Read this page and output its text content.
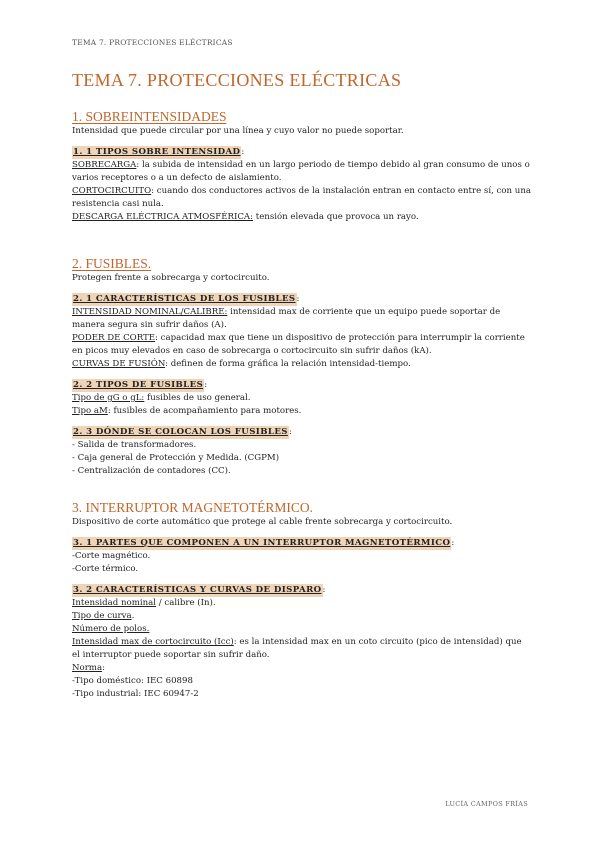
TEMA 7. PROTECCIONES ELÉCTRICAS
TEMA 7. PROTECCIONES ELÉCTRICAS
1. SOBREINTENSIDADES

Intensidad que puede circular por una línea y cuyo valor no puede soportar.

1. 1 TIPOS SOBRE INTENSIDAD:

SOBRECARGA: la subida de intensidad en un largo periodo de tiempo debido al gran consumo de unos o varios receptores o a un defecto de aislamiento.

CORTOCIRCUITO: cuando dos conductores activos de la instalación entran en contacto entre sí, con una resistencia casi nula.

DESCARGA ELÉCTRICA ATMOSFÉRICA: tensión elevada que provoca un rayo.

2. FUSIBLES.

Protegen frente a sobrecarga y cortocircuito.

2. 1 CARACTERÍSTICAS DE LOS FUSIBLES:

INTENSIDAD NOMINAL/CALIBRE: intensidad max de corriente que un equipo puede soportar de manera segura sin sufrir daños (A).

PODER DE CORTE: capacidad max que tiene un dispositivo de protección para interrumpir la corriente en picos muy elevados en caso de sobrecarga o cortocircuito sin sufrir daños (kA).

CURVAS DE FUSIÓN: definen de forma gráfica la relación intensidad-tiempo.

2. 2 TIPOS DE FUSIBLES:

Tipo de gG o gL: fusibles de uso general.

Tipo aM: fusibles de acompañamiento para motores.

2. 3 DÓNDE SE COLOCAN LOS FUSIBLES:

- Salida de transformadores.
- Caja general de Protección y Medida. (CGPM)
- Centralización de contadores (CC).
3. INTERRUPTOR MAGNETOTÉRMICO.

Dispositivo de corte automático que protege al cable frente sobrecarga y cortocircuito.

3. 1 PARTES QUE COMPONEN A UN INTERRUPTOR MAGNETOTÉRMICO:

-Corte magnético.
-Corte térmico.

3. 2 CARACTERÍSTICAS Y CURVAS DE DISPARO:

Intensidad nominal / calibre (In).

Tipo de curva.

Número de polos.

Intensidad max de cortocircuito (Icc): es la intensidad max en un coto circuito (pico de intensidad) que el interruptor puede soportar sin sufrir daño.

Norma:

-Tipo doméstico: IEC 60898
-Tipo industrial: IEC 60947-2
LUCÍA CAMPOS FRÍAS
